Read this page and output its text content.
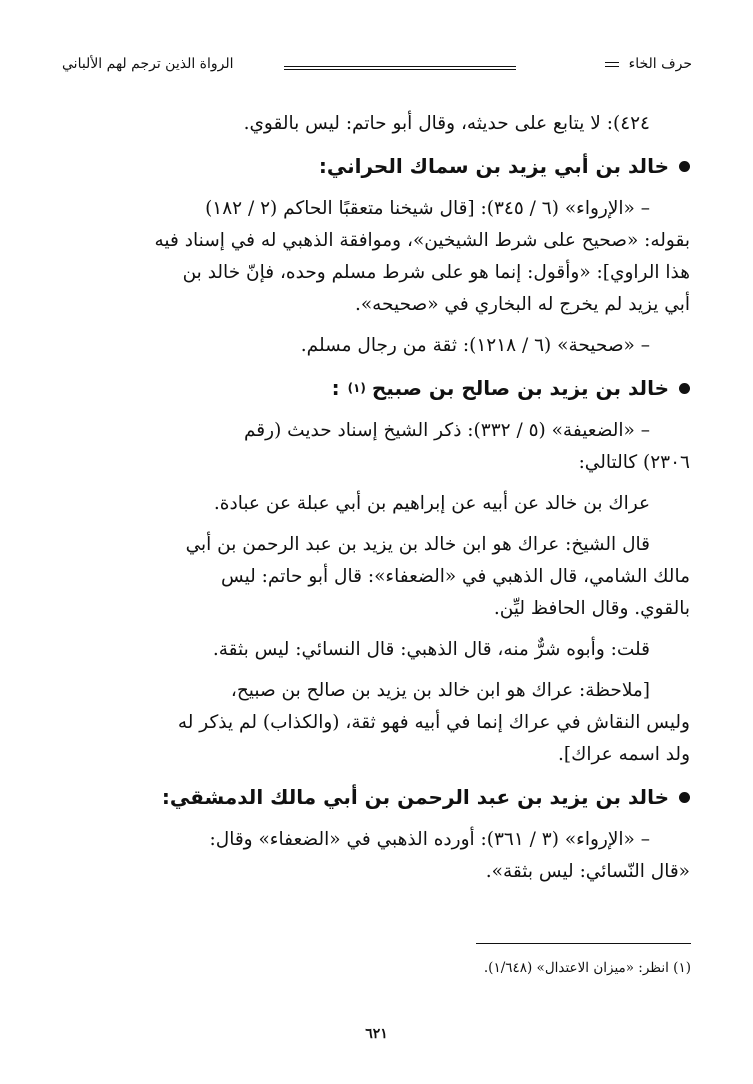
حرف الخاء
الرواة الذين ترجم لهم الألباني
٤٢٤): لا يتابع على حديثه، وقال أبو حاتم: ليس بالقوي.
خالد بن أبي يزيد بن سماك الحراني:
– «الإرواء» (٦ / ٣٤٥): [قال شيخنا متعقبًا الحاكم (٢ / ١٨٢)
بقوله: «صحيح على شرط الشيخين»، وموافقة الذهبي له في إسناد فيه
هذا الراوي]: «وأقول: إنما هو على شرط مسلم وحده، فإنّ خالد بن
أبي يزيد لم يخرج له البخاري في «صحيحه».
– «صحيحة» (٦ / ١٢١٨): ثقة من رجال مسلم.
خالد بن يزيد بن صالح بن صبيح
(١)
:
– «الضعيفة» (٥ / ٣٣٢): ذكر الشيخ إسناد حديث (رقم
٢٣٠٦) كالتالي:
عراك بن خالد عن أبيه عن إبراهيم بن أبي عبلة عن عبادة.
قال الشيخ: عراك هو ابن خالد بن يزيد بن عبد الرحمن بن أبي
مالك الشامي، قال الذهبي في «الضعفاء»: قال أبو حاتم: ليس
بالقوي. وقال الحافظ ليِّن.
قلت: وأبوه شرٌّ منه، قال الذهبي: قال النسائي: ليس بثقة.
[ملاحظة: عراك هو ابن خالد بن يزيد بن صالح بن صبيح،
وليس النقاش في عراك إنما في أبيه فهو ثقة، (والكذاب) لم يذكر له
ولد اسمه عراك].
خالد بن يزيد بن عبد الرحمن بن أبي مالك الدمشقي:
– «الإرواء» (٣ / ٣٦١): أورده الذهبي في «الضعفاء» وقال:
«قال النّسائي: ليس بثقة».
(١) انظر: «ميزان الاعتدال» (١/٦٤٨).
٦٢١
